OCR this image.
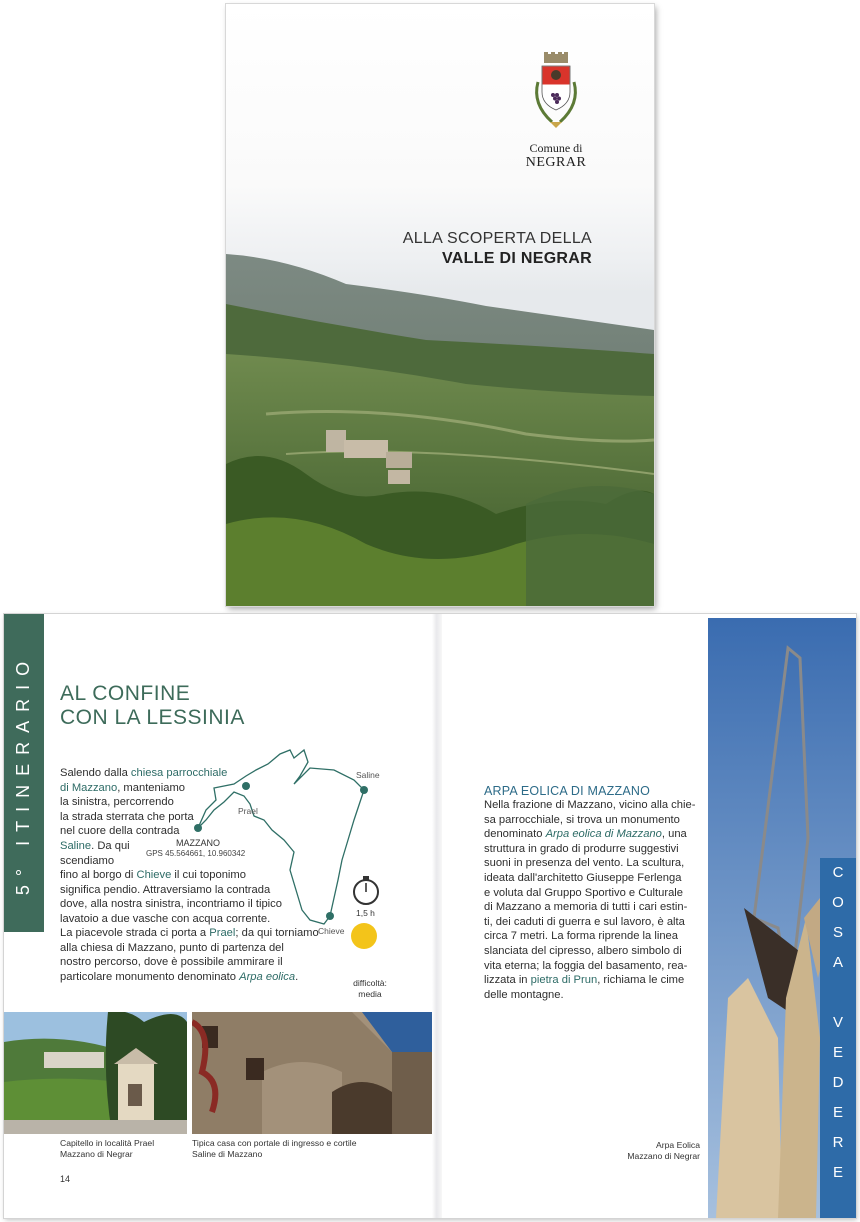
Comune di
NEGRAR
ALLA SCOPERTA DELLA
VALLE DI NEGRAR
5° ITINERARIO	AL CONFINE
CON LA LESSINIA
Prael
Saline
Chieve
MAZZANO
GPS 45.564661, 10.960342
1,5 h
difficoltà:
media
Salendo dalla chiesa parrocchiale
di Mazzano, manteniamo
la sinistra, percorrendo
la strada sterrata che porta
nel cuore della contrada
Saline. Da qui
scendiamo
fino al borgo di Chieve il cui toponimo
significa pendio. Attraversiamo la contrada
dove, alla nostra sinistra, incontriamo il tipico
lavatoio a due vasche con acqua corrente.
La piacevole strada ci porta a Prael; da qui torniamo
alla chiesa di Mazzano, punto di partenza del
nostro percorso, dove è possibile ammirare il
particolare monumento denominato Arpa eolica.
Capitello in località Prael
Mazzano di Negrar
Tipica casa con portale di ingresso e cortile
Saline di Mazzano
14
ARPA EOLICA DI MAZZANO
Nella frazione di Mazzano, vicino alla chie-
sa parrocchiale, si trova un monumento
denominato Arpa eolica di Mazzano, una
struttura in grado di produrre suggestivi
suoni in presenza del vento. La scultura,
ideata dall'architetto Giuseppe Ferlenga
e voluta dal Gruppo Sportivo e Culturale
di Mazzano a memoria di tutti i cari estin-
ti, dei caduti di guerra e sul lavoro, è alta
circa 7 metri. La forma riprende la linea
slanciata del cipresso, albero simbolo di
vita eterna; la foggia del basamento, rea-
lizzata in pietra di Prun, richiama le cime
delle montagne.
Arpa Eolica
Mazzano di Negrar
C
O
S
A
V
E
D
E
R
E
